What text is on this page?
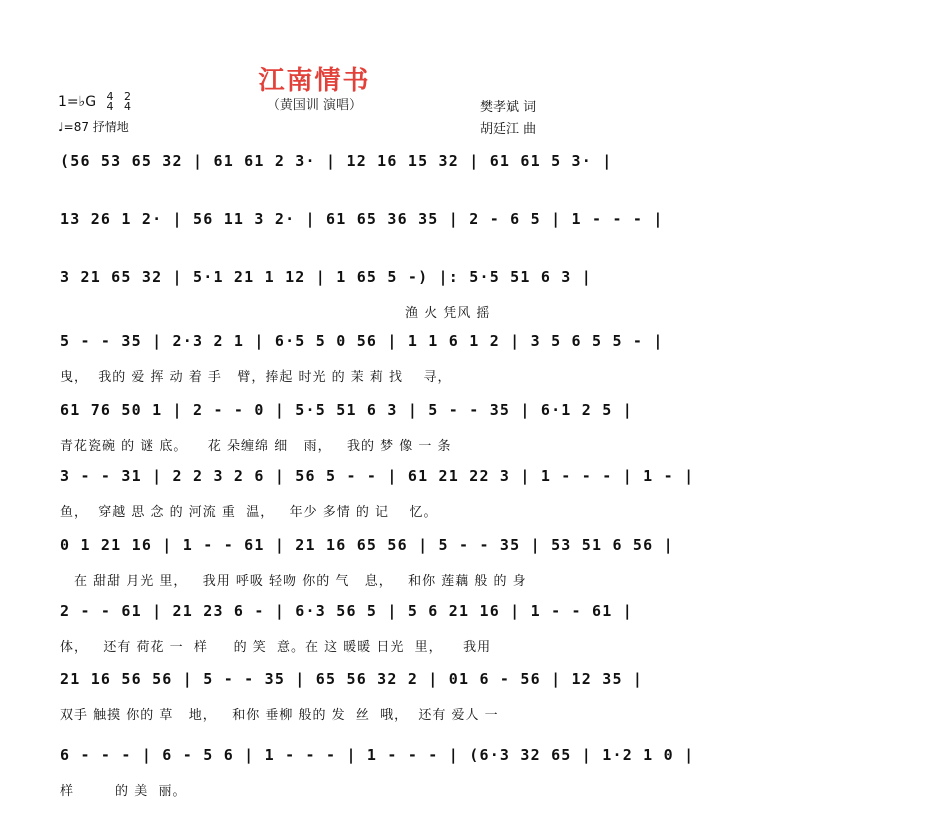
江南情书
（黄国训 演唱）
1=♭G 4
4

2
4
♩=87 抒情地
樊孝斌 词
胡廷江 曲
(56 53 65 32 | 61 61 2 3· | 12 16 15 32 | 61 61 5 3· |
13 26 1 2· | 56 11 3 2· | 61 65 36 35 | 2 - 6 5 | 1 - - - |
3 21 65 32 | 5·1 21 1 12 | 1 65 5 -) |: 5·5 51 6 3 |
渔 火 凭风 摇
5 - - 35 | 2·3 2 1 | 6·5 5 0 56 | 1 1 6 1 2 | 3 5 6 5 5 - |
曳，  我的 爱 挥 动 着 手   臂，捧起 时光 的 茉 莉 找    寻，
61 76 50 1 | 2 - - 0 | 5·5 51 6 3 | 5 - - 35 | 6·1 2 5 |
青花瓷碗 的 谜 底。    花 朵缠绵 细   雨，   我的 梦 像 一 条
3 - - 31 | 2 2 3 2 6 | 56 5 - - | 61 21 22 3 | 1 - - - | 1 - |
鱼，  穿越 思 念 的 河流 重  温，   年少 多情 的 记    忆。
0 1 21 16 | 1 - - 61 | 21 16 65 56 | 5 - - 35 | 53 51 6 56 |
在 甜甜 月光 里，   我用 呼吸 轻吻 你的 气   息，   和你 莲藕 般 的 身
2 - - 61 | 21 23 6 - | 6·3 56 5 | 5 6 21 16 | 1 - - 61 |
体，   还有 荷花 一  样     的 笑  意。在 这 暖暖 日光  里，    我用
21 16 56 56 | 5 - - 35 | 65 56 32 2 | 01 6 - 56 | 12 35 |
双手 触摸 你的 草   地，   和你 垂柳 般的 发  丝  哦，  还有 爱人 一
6 - - - | 6 - 5 6 | 1 - - - | 1 - - - | (6·3 32 65 | 1·2 1 0 |
样        的 美  丽。
